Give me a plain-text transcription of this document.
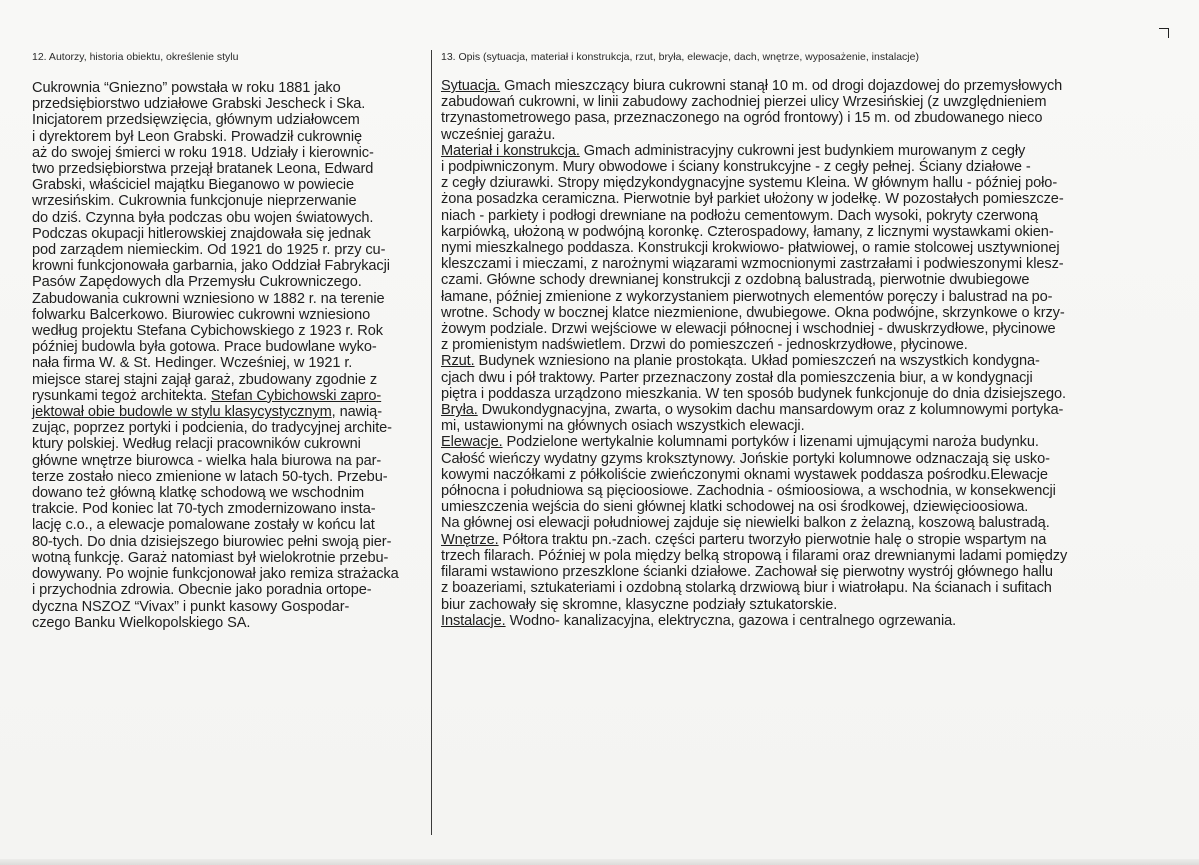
12. Autorzy, historia obiektu, określenie stylu
Cukrownia “Gniezno” powstała w roku 1881 jako
przedsiębiorstwo udziałowe Grabski Jescheck i Ska.
Inicjatorem przedsięwzięcia, głównym udziałowcem
i dyrektorem był Leon Grabski. Prowadził cukrownię
aż do swojej śmierci w roku 1918. Udziały i kierownic-
two przedsiębiorstwa przejął bratanek Leona, Edward
Grabski, właściciel majątku Bieganowo w powiecie
wrzesińskim. Cukrownia funkcjonuje nieprzerwanie
do dziś. Czynna była podczas obu wojen światowych.
Podczas okupacji hitlerowskiej znajdowała się jednak
pod zarządem niemieckim. Od 1921 do 1925 r. przy cu-
krowni funkcjonowała garbarnia, jako Oddział Fabrykacji
Pasów Zapędowych dla Przemysłu Cukrowniczego.
Zabudowania cukrowni wzniesiono w 1882 r. na terenie
folwarku Balcerkowo. Biurowiec cukrowni wzniesiono
według projektu Stefana Cybichowskiego z 1923 r. Rok
później budowla była gotowa. Prace budowlane wyko-
nała firma W. & St. Hedinger. Wcześniej, w 1921 r.
miejsce starej stajni zajął garaż, zbudowany zgodnie z
rysunkami tegoż architekta. Stefan Cybichowski zapro-
jektował obie budowle w stylu klasycystycznym, nawią-
zując, poprzez portyki i podcienia, do tradycyjnej archite-
ktury polskiej. Według relacji pracowników cukrowni
główne wnętrze biurowca - wielka hala biurowa na par-
terze zostało nieco zmienione w latach 50-tych. Przebu-
dowano też główną klatkę schodową we wschodnim
trakcie. Pod koniec lat 70-tych zmodernizowano insta-
lację c.o., a elewacje pomalowane zostały w końcu lat
80-tych. Do dnia dzisiejszego biurowiec pełni swoją pier-
wotną funkcję. Garaż natomiast był wielokrotnie przebu-
dowywany. Po wojnie funkcjonował jako remiza strażacka
i przychodnia zdrowia. Obecnie jako poradnia ortope-
dyczna NSZOZ “Vivax” i punkt kasowy Gospodar-
czego Banku Wielkopolskiego SA.
13. Opis (sytuacja, materiał i konstrukcja, rzut, bryła, elewacje, dach, wnętrze, wyposażenie, instalacje)
Sytuacja. Gmach mieszczący biura cukrowni stanął 10 m. od drogi dojazdowej do przemysłowych
zabudowań cukrowni, w linii zabudowy zachodniej pierzei ulicy Wrzesińskiej (z uwzględnieniem
trzynastometrowego pasa, przeznaczonego na ogród frontowy) i 15 m. od zbudowanego nieco
wcześniej garażu.
Materiał i konstrukcja. Gmach administracyjny cukrowni jest budynkiem murowanym z cegły
i podpiwniczonym. Mury obwodowe i ściany konstrukcyjne - z cegły pełnej. Ściany działowe -
z cegły dziurawki. Stropy międzykondygnacyjne systemu Kleina. W głównym hallu - później poło-
żona posadzka ceramiczna. Pierwotnie był parkiet ułożony w jodełkę. W pozostałych pomieszcze-
niach - parkiety i podłogi drewniane na podłożu cementowym. Dach wysoki, pokryty czerwoną
karpiówką, ułożoną w podwójną koronkę. Czterospadowy, łamany, z licznymi wystawkami okien-
nymi mieszkalnego poddasza. Konstrukcji krokwiowo- płatwiowej, o ramie stolcowej usztywnionej
kleszczami i mieczami, z narożnymi wiązarami wzmocnionymi zastrzałami i podwieszonymi klesz-
czami. Główne schody drewnianej konstrukcji z ozdobną balustradą, pierwotnie dwubiegowe
łamane, później zmienione z wykorzystaniem pierwotnych elementów poręczy i balustrad na po-
wrotne. Schody w bocznej klatce niezmienione, dwubiegowe. Okna podwójne, skrzynkowe o krzy-
żowym podziale. Drzwi wejściowe w elewacji północnej i wschodniej - dwuskrzydłowe, płycinowe
z promienistym nadświetlem. Drzwi do pomieszczeń - jednoskrzydłowe, płycinowe.
Rzut. Budynek wzniesiono na planie prostokąta. Układ pomieszczeń na wszystkich kondygna-
cjach dwu i pół traktowy. Parter przeznaczony został dla pomieszczenia biur, a w kondygnacji
piętra i poddasza urządzono mieszkania. W ten sposób budynek funkcjonuje do dnia dzisiejszego.
Bryła. Dwukondygnacyjna, zwarta, o wysokim dachu mansardowym oraz z kolumnowymi portyka-
mi, ustawionymi na głównych osiach wszystkich elewacji.
Elewacje. Podzielone wertykalnie kolumnami portyków i lizenami ujmującymi naroża budynku.
Całość wieńczy wydatny gzyms kroksztynowy. Jońskie portyki kolumnowe odznaczają się usko-
kowymi naczółkami z półkoliście zwieńczonymi oknami wystawek poddasza pośrodku.Elewacje
północna i południowa są pięcioosiowe. Zachodnia - ośmioosiowa, a wschodnia, w konsekwencji
umieszczenia wejścia do sieni głównej klatki schodowej na osi środkowej, dziewięcioosiowa.
Na głównej osi elewacji południowej zajduje się niewielki balkon z żelazną, koszową balustradą.
Wnętrze. Półtora traktu pn.-zach. części parteru tworzyło pierwotnie halę o stropie wspartym na
trzech filarach. Później w pola między belką stropową i filarami oraz drewnianymi ladami pomiędzy
filarami wstawiono przeszklone ścianki działowe. Zachował się pierwotny wystrój głównego hallu
z boazeriami, sztukateriami i ozdobną stolarką drzwiową biur i wiatrołapu. Na ścianach i sufitach
biur zachowały się skromne, klasyczne podziały sztukatorskie.
Instalacje. Wodno- kanalizacyjna, elektryczna, gazowa i centralnego ogrzewania.
